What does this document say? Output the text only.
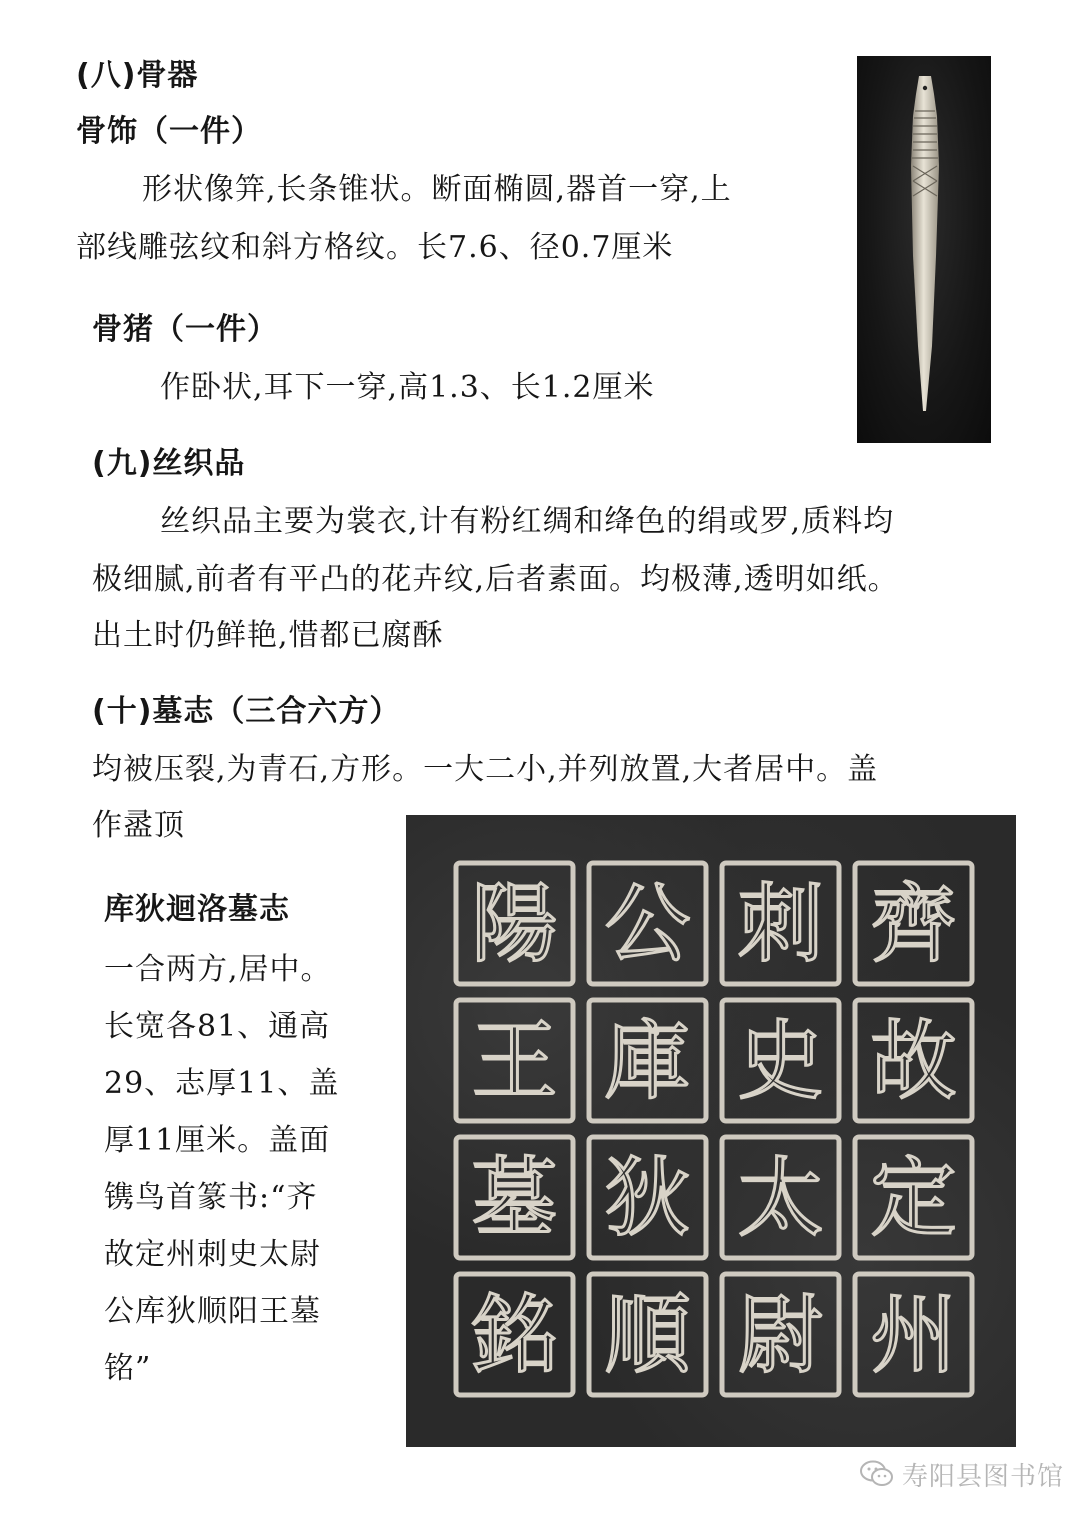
(八)骨器
骨饰（一件）
形状像笄,长条锥状。断面椭圆,器首一穿,上
部线雕弦纹和斜方格纹。长7.6、径0.7厘米
骨猪（一件）
作卧状,耳下一穿,高1.3、长1.2厘米
(九)丝织品
丝织品主要为裳衣,计有粉红绸和绛色的绢或罗,质料均
极细腻,前者有平凸的花卉纹,后者素面。均极薄,透明如纸。
出土时仍鲜艳,惜都已腐酥
(十)墓志（三合六方）
均被压裂,为青石,方形。一大二小,并列放置,大者居中。盖
作盝顶
库狄迴洛墓志
一合两方,居中。
长宽各81、通高
29、志厚11、盖
厚11厘米。盖面
镌鸟首篆书:“齐
故定州刺史太尉
公库狄顺阳王墓
铭”
齊
故
定
州
刺
史
太
尉
公
庫
狄
順
陽
王
墓
銘
寿阳县图书馆
